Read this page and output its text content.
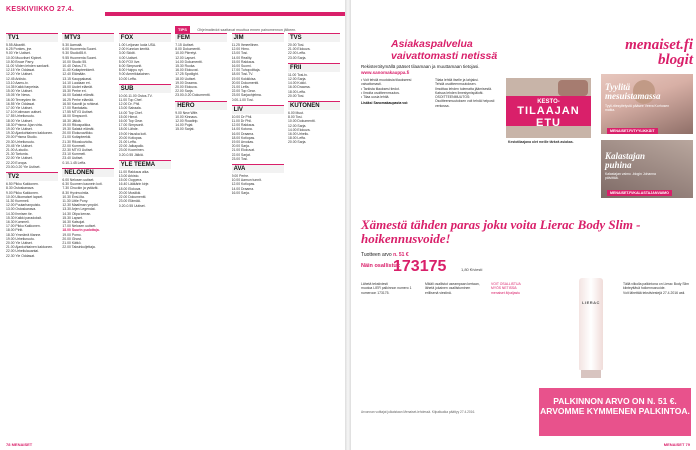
KESKIVIIKKO 27.4.
TIPS	Ohjelmatiedot saattavat muuttua ennen painomennon jälkeen.
TV1
5.55 Aikaviiti.
6.25 Ponkes, jne.
9.00 Yle Uutiset.
10.00 Muoviiset Kipinet.
10.50 Bruce Parry.
11.00 Viiden lehden sankarit.
12.15 Yle Oddasat.
12.20 Yle Uutiset.
12.45 Arkisto.
13.10 Aamu-tv.
14.35 Kaikki tarpeista.
15.00 Yle Uutiset.
15.05 Yle News.
16.00 Terveyden tie.
16.55 Yle Oddasat.
17.00 Yle Uutiset.
17.10 Kotimaan uutiset.
17.55 Urheiluruutu.
18.00 Yle Uutiset.
18.30 Prisma: Ajan virta.
19.00 Yle Uutiset.
19.30 Ajankohtainen kakkonen.
20.00 Prisma Studio.
20.30 Urheiluruutu.
20.45 Yle Uutiset.
21.00 A-studio.
21.30 Tartunta.
22.00 Yle Uutiset.
22.20 Europa.
23.00-0.20 Yle Uutiset.
TV2
6.50 Pikku Kakkonen.
8.30 Ostoskanava.
9.00 Pikku Kakkonen.
10.00 Ulkomaiset lapset.
11.30 Kummeli.
12.00 Puutarhanpuisto.
13.00 Ostoskanava.
14.30 Ihmisen tie.
15.30 Kaikki paradoksit.
16.30 Kummeli.
17.00 Pikku Kakkonen.
18.00 Pirtit.
18.30 Ymmärrä tilanne.
19.00 Urheiluruutu.
20.00 Yle Uutiset.
21.00 Ajankohtainen kakkonen.
22.00 Urheilulauantai.
22.30 Yle Oddasat.
MTV3
5.30 Aamutä.
6.00 Huomenta Suomi.
9.30 Studio55.fi.
9.55 Huomenta Suomi.
10.00 Studio 55.
10.40 Ostos-TV.
11.40 Kotiapteekkerit.
12.40 Elämään.
13.15 Kauppakassi.
14.10 Luodaan eri.
15.00 Uudet elämät.
15.30 Perhe eri.
16.00 Salatut elämät.
16.25 Perhe elämää.
16.50 Kauniit ja rohkeat.
17.00 Rantakatu.
17.55 MTV3 Uutiset.
18.00 Simpsonit.
18.30 Jälkiä.
19.00 Rikospaikka.
19.30 Salatut elämät.
20.00 Elokuvaviikko.
21.00 Kotiapteekki.
21.30 Rikoskuvioita.
22.00 Kummeli.
22.30 MTV3 Uutiset.
23.10 Kummeli.
23.40 Uutiset.
0.10-1.45 Leffa.
NELONEN
6.00 Nelosen uutiset.
6.30 Suomen kaunein koti.
7.30 Chuckin ja ystävät.
8.30 Hyvinvointia.
10.30 Ensi-ilta.
11.30 Little Pony.
12.30 Maailman ympäri.
13.30 Arjen Legendat.
14.30 Olipa kerran.
15.30 Lapset.
16.30 Katsojat.
17.00 Nelosen uutiset.
18.00 Suurin pudottaja.
19.00 Pomo.
20.00 Ghost.
21.00 Kätkö.
22.00 Taksinkuljettaja.
FOX
1.00 Leijonan luola USA.
2.00 Kunnian kenttä.
3.00 Skidit.
4.00 Uutiset.
5.00 FOX live.
6.00 Simpsonit.
8.00 Huippu nyt.
9.00 Amerikkalainen.
10.00 Leffa.
SUB
10.00-11.00 Ostos-TV.
11.00 Top Chef.
12.00 Dr. Phil.
13.00 Sairaala.
14.00 Top Chef.
15.00 Himot.
16.00 Top Gear.
17.00 Simpsonit.
18.00 Lähde.
19.00 Hauska koti.
20.00 Kotiopas.
21.00 Leffa.
22.00 Jalkapallo.
23.00 Koominen.
0.20-0.55 Jälkiä.
YLE TEEMA
11.00 Rakkaus aika.
13.00 Arkisto.
15.00 Ooppera.
16.40 Lääkärin kirje.
18.00 Elokuva.
20.00 Musiikki.
22.00 Dokumentti.
23.00 Elämää.
0.20-0.55 Uutiset.
FEM
7.15 Uutiset.
8.00 Dokumentti.
10.00 Piirretyt.
12.00 Lapset.
14.00 Dokumentti.
15.30 Ruoka.
16.00 Elokuvat.
17.25 Spotlight.
18.00 Uutiset.
19.00 Draama.
20.00 Elokuva.
22.00 Sarja.
23.00-0.20 Dokumentti.
HERO
9.00 New Wife.
10.00 Kinnaus.
12.00 Roadtrip.
14.00 Pojat.
15.00 Sarjat.
JIM
11.25 Ihmeellinen.
12.00 Himo.
13.00 Tosi.
14.00 Reality.
15.00 Rakkaus.
16.00 Suomi.
17.00 Tuhopolttaja.
18.00 Tosi-TV.
19.00 Kokkikisa.
20.00 Dokumentti.
21.00 Leffa.
22.00 Top Gear.
23.00 Sarjaohjelma.
0.00-1.00 Tosi.
LIV
10.00 Dr Phil.
11.00 Dr Phil.
12.00 Rakkaus.
14.00 Kotona.
16.00 Draama.
18.00 Kotiopas.
19.00 Arvokas.
20.00 Sarja.
21.00 Elokuvat.
22.00 Sarjat.
23.00 Tosi.
AVA
9.00 Perhe.
10.00 Aamun tunnit.
12.00 Kotiopas.
14.00 Draama.
16.00 Sarja.
TVS
20.00 Tosi.
21.00 Elokuva.
22.00 Leffa.
23.00 Sarja.
FRII
11.00 Tosi-tv.
12.00 Sarja.
14.00 Kokki.
16.00 Draama.
18.00 Leffa.
20.00 Tosi.
KUTONEN
6.00 Muut.
8.00 Tosi.
10.00 Dokumentti.
12.00 Sarja.
14.00 Elokuva.
16.00 Urheilu.
18.00 Leffa.
20.00 Sarja.
78 MENAISET
Asiakaspalvelua vaivattomasti netissä
www.sanomakauppa.fi
Rekisteröitymällä pääset tilaamaan ja muuttamaan tietojasi.

• Voit tehdä muutoksia tilaukseesi vaivattomasti.

• Tarkista tilauksesi tiedot.

• Ilmoita osoitteenmuutos.

• Tilaa uusia lehtiä.

Lisäksi Sanomakaupasta voi:

Tilata lehtiä itselle ja lahjaksi.

Tehdä osoitteenmuutoksen.

Ilmoittaa lehden tulematta jäämisestä.

Katsoa lehden ilmestymispäivät.

OSOITTEENMUUTOS:

Osoitteenmuutoksen voit tehdä helposti verkossa.

KESTO-
TILAAJAN ETU
Kestotilaajana olet meille tärkeä asiakas.
menaiset.fi blogit
Tyylitä mesuistamassa
Tyyli-rtiesyttelystä pääsee Veera Korhosen matka.
MENAISET.FI/TYYLIKKÄIT
Kalastajan puhina
Kalastajan vaimo -blogin Johanna päivittää.
MENAISET.FI/KALASTAJANVAIMO
Xämestä tähden paras joku voita Lierac Body Slim -hoikennusvoide!
Tuotteen arvo n. 51 €
Näin osallistut:
173175	1,80 €/viesti

Lähetä tekstiviesti

muotoa LIER palkinnon numero 1

numeroon 173175.

Mikäli osallistut useampaan kertaan,

lähetä jokainen osallistuminen

erillisenä viestinä.

VOIT OSALLISTUA

MYÖS NETISSÄ:

menaiset.fi/paljastu

LIERAC

Tällä viikolla palkintona on Lierac Body Slim kiinteyttävä hoikennusvoide.

Voit lähettää tekstiviestejä 27.4.2016 asti.

Arvonnan voittajat julkaistaan Menaiset-lehdessä. Kilpailuaika päättyy 27.4.2016.
PALKINNON ARVO ON N. 51 €.
ARVOMME KYMMENEN PALKINTOA.
MENAISET 79
